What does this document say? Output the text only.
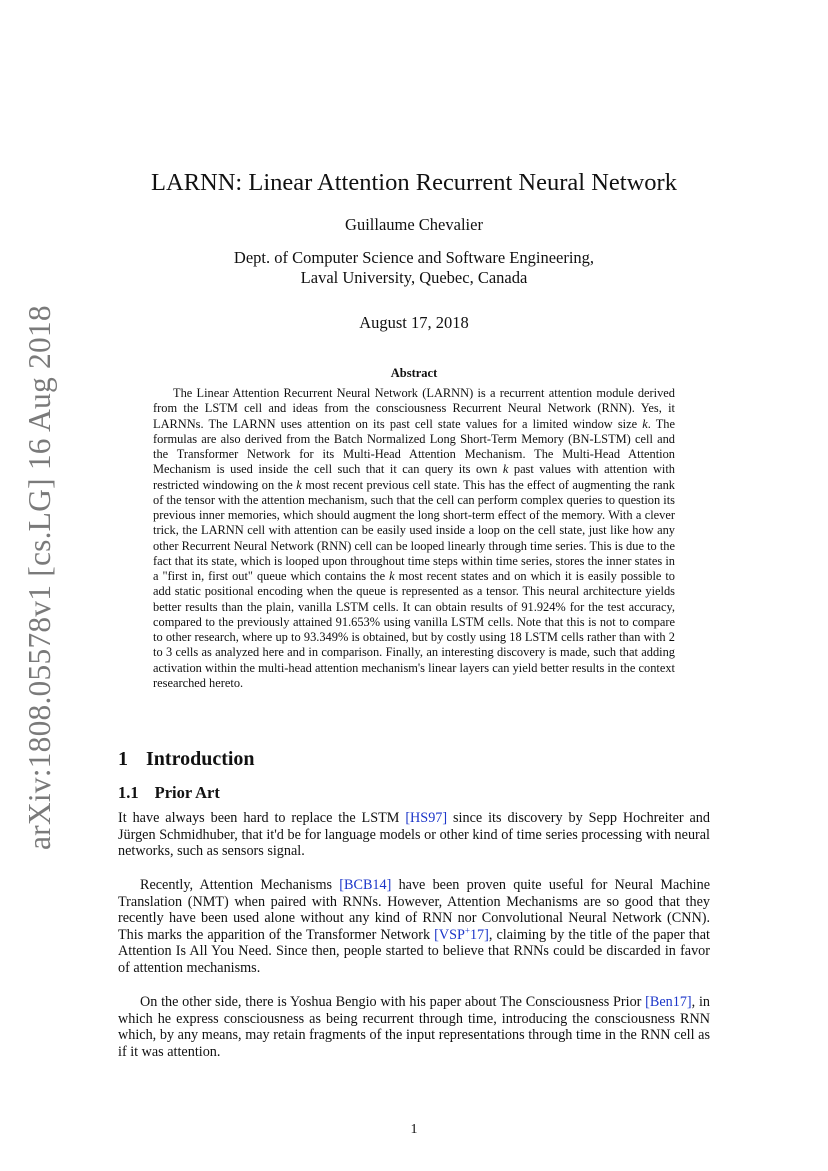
arXiv:1808.05578v1 [cs.LG] 16 Aug 2018
LARNN: Linear Attention Recurrent Neural Network
Guillaume Chevalier
Dept. of Computer Science and Software Engineering,
Laval University, Quebec, Canada
August 17, 2018
Abstract
The Linear Attention Recurrent Neural Network (LARNN) is a recurrent attention module derived from the LSTM cell and ideas from the consciousness Recurrent Neural Network (RNN). Yes, it LARNNs. The LARNN uses attention on its past cell state values for a limited window size k. The formulas are also derived from the Batch Normalized Long Short-Term Memory (BN-LSTM) cell and the Transformer Network for its Multi-Head Attention Mechanism. The Multi-Head Attention Mechanism is used inside the cell such that it can query its own k past values with attention with restricted windowing on the k most recent previous cell state. This has the effect of augmenting the rank of the tensor with the attention mechanism, such that the cell can perform complex queries to question its previous inner memories, which should augment the long short-term effect of the memory. With a clever trick, the LARNN cell with attention can be easily used inside a loop on the cell state, just like how any other Recurrent Neural Network (RNN) cell can be looped linearly through time series. This is due to the fact that its state, which is looped upon throughout time steps within time series, stores the inner states in a "first in, first out" queue which contains the k most recent states and on which it is easily possible to add static positional encoding when the queue is represented as a tensor. This neural architecture yields better results than the plain, vanilla LSTM cells. It can obtain results of 91.924% for the test accuracy, compared to the previously attained 91.653% using vanilla LSTM cells. Note that this is not to compare to other research, where up to 93.349% is obtained, but by costly using 18 LSTM cells rather than with 2 to 3 cells as analyzed here and in comparison. Finally, an interesting discovery is made, such that adding activation within the multi-head attention mechanism's linear layers can yield better results in the context researched hereto.
1 Introduction
1.1 Prior Art
It have always been hard to replace the LSTM [HS97] since its discovery by Sepp Hochreiter and Jürgen Schmidhuber, that it'd be for language models or other kind of time series processing with neural networks, such as sensors signal.
Recently, Attention Mechanisms [BCB14] have been proven quite useful for Neural Machine Translation (NMT) when paired with RNNs. However, Attention Mechanisms are so good that they recently have been used alone without any kind of RNN nor Convolutional Neural Network (CNN). This marks the apparition of the Transformer Network [VSP+17], claiming by the title of the paper that Attention Is All You Need. Since then, people started to believe that RNNs could be discarded in favor of attention mechanisms.
On the other side, there is Yoshua Bengio with his paper about The Consciousness Prior [Ben17], in which he express consciousness as being recurrent through time, introducing the consciousness RNN which, by any means, may retain fragments of the input representations through time in the RNN cell as if it was attention.
1
